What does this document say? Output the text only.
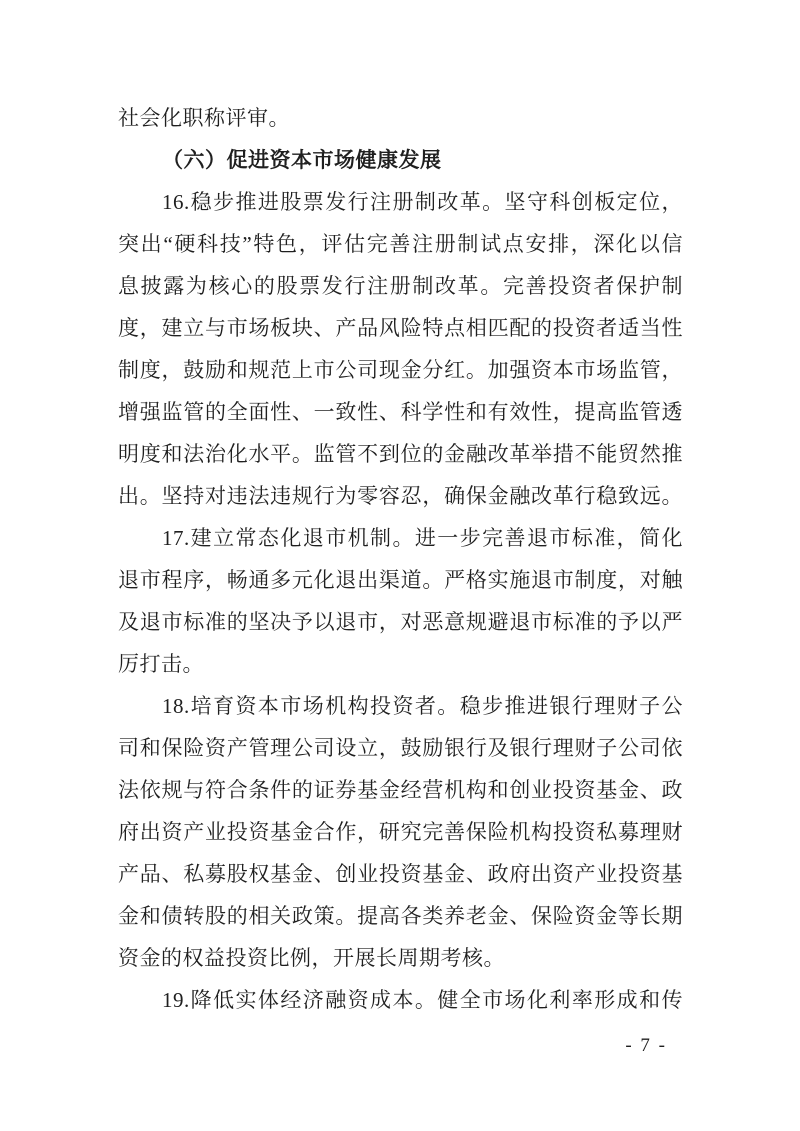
社会化职称评审。
（六）促进资本市场健康发展
16.稳步推进股票发行注册制改革。坚守科创板定位，
突出“硬科技”特色，评估完善注册制试点安排，深化以信
息披露为核心的股票发行注册制改革。完善投资者保护制
度，建立与市场板块、产品风险特点相匹配的投资者适当性
制度，鼓励和规范上市公司现金分红。加强资本市场监管，
增强监管的全面性、一致性、科学性和有效性，提高监管透
明度和法治化水平。监管不到位的金融改革举措不能贸然推
出。坚持对违法违规行为零容忍，确保金融改革行稳致远。
17.建立常态化退市机制。进一步完善退市标准，简化
退市程序，畅通多元化退出渠道。严格实施退市制度，对触
及退市标准的坚决予以退市，对恶意规避退市标准的予以严
厉打击。
18.培育资本市场机构投资者。稳步推进银行理财子公
司和保险资产管理公司设立，鼓励银行及银行理财子公司依
法依规与符合条件的证券基金经营机构和创业投资基金、政
府出资产业投资基金合作，研究完善保险机构投资私募理财
产品、私募股权基金、创业投资基金、政府出资产业投资基
金和债转股的相关政策。提高各类养老金、保险资金等长期
资金的权益投资比例，开展长周期考核。
19.降低实体经济融资成本。健全市场化利率形成和传
- 7 -
